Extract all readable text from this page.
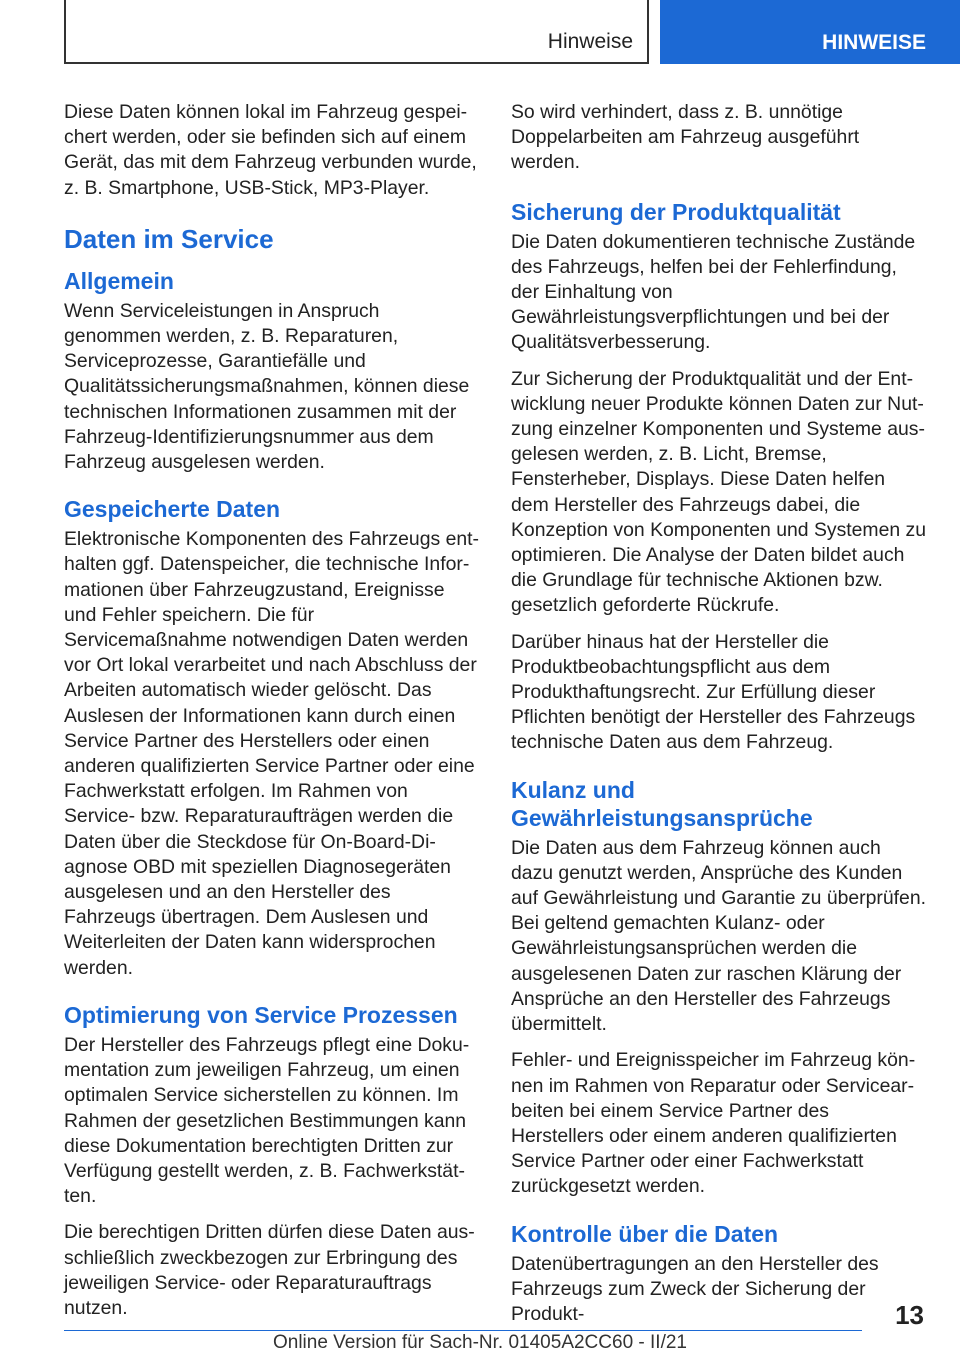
Hinweise	HINWEISE

Diese Daten können lokal im Fahrzeug gespeichert werden, oder sie befinden sich auf einem Gerät, das mit dem Fahrzeug verbunden wurde, z. B. Smartphone, USB-Stick, MP3-Player.

Daten im Service
Allgemein

Wenn Serviceleistungen in Anspruch genommen werden, z. B. Reparaturen, Serviceprozesse, Garantiefälle und Qualitätssicherungsmaßnahmen, können diese technischen Informationen zusammen mit der Fahrzeug-Identifizierungsnummer aus dem Fahrzeug ausgelesen werden.

Gespeicherte Daten

Elektronische Komponenten des Fahrzeugs enthalten ggf. Datenspeicher, die technische Informationen über Fahrzeugzustand, Ereignisse und Fehler speichern. Die für Servicemaßnahme notwendigen Daten werden vor Ort lokal verarbeitet und nach Abschluss der Arbeiten automatisch wieder gelöscht. Das Auslesen der Informationen kann durch einen Service Partner des Herstellers oder einen anderen qualifizierten Service Partner oder eine Fachwerkstatt erfolgen. Im Rahmen von Service- bzw. Reparaturaufträgen werden die Daten über die Steckdose für On-Board-Diagnose OBD mit speziellen Diagnosegeräten ausgelesen und an den Hersteller des Fahrzeugs übertragen. Dem Auslesen und Weiterleiten der Daten kann widersprochen werden.

Optimierung von Service Prozessen

Der Hersteller des Fahrzeugs pflegt eine Dokumentation zum jeweiligen Fahrzeug, um einen optimalen Service sicherstellen zu können. Im Rahmen der gesetzlichen Bestimmungen kann diese Dokumentation berechtigten Dritten zur Verfügung gestellt werden, z. B. Fachwerkstätten.

Die berechtigen Dritten dürfen diese Daten ausschließlich zweckbezogen zur Erbringung des jeweiligen Service- oder Reparaturauftrags nutzen.

So wird verhindert, dass z. B. unnötige Doppelarbeiten am Fahrzeug ausgeführt werden.

Sicherung der Produktqualität

Die Daten dokumentieren technische Zustände des Fahrzeugs, helfen bei der Fehlerfindung, der Einhaltung von Gewährleistungsverpflichtungen und bei der Qualitätsverbesserung.

Zur Sicherung der Produktqualität und der Entwicklung neuer Produkte können Daten zur Nutzung einzelner Komponenten und Systeme ausgelesen werden, z. B. Licht, Bremse, Fensterheber, Displays. Diese Daten helfen dem Hersteller des Fahrzeugs dabei, die Konzeption von Komponenten und Systemen zu optimieren. Die Analyse der Daten bildet auch die Grundlage für technische Aktionen bzw. gesetzlich geforderte Rückrufe.

Darüber hinaus hat der Hersteller die Produktbeobachtungspflicht aus dem Produkthaftungsrecht. Zur Erfüllung dieser Pflichten benötigt der Hersteller des Fahrzeugs technische Daten aus dem Fahrzeug.

Kulanz und Gewährleistungsansprüche

Die Daten aus dem Fahrzeug können auch dazu genutzt werden, Ansprüche des Kunden auf Gewährleistung und Garantie zu überprüfen. Bei geltend gemachten Kulanz- oder Gewährleistungsansprüchen werden die ausgelesenen Daten zur raschen Klärung der Ansprüche an den Hersteller des Fahrzeugs übermittelt.

Fehler- und Ereignisspeicher im Fahrzeug können im Rahmen von Reparatur oder Servicearbeiten bei einem Service Partner des Herstellers oder einem anderen qualifizierten Service Partner oder einer Fachwerkstatt zurückgesetzt werden.

Kontrolle über die Daten

Datenübertragungen an den Hersteller des Fahrzeugs zum Zweck der Sicherung der Produkt-	13
Online Version für Sach-Nr. 01405A2CC60 - II/21
